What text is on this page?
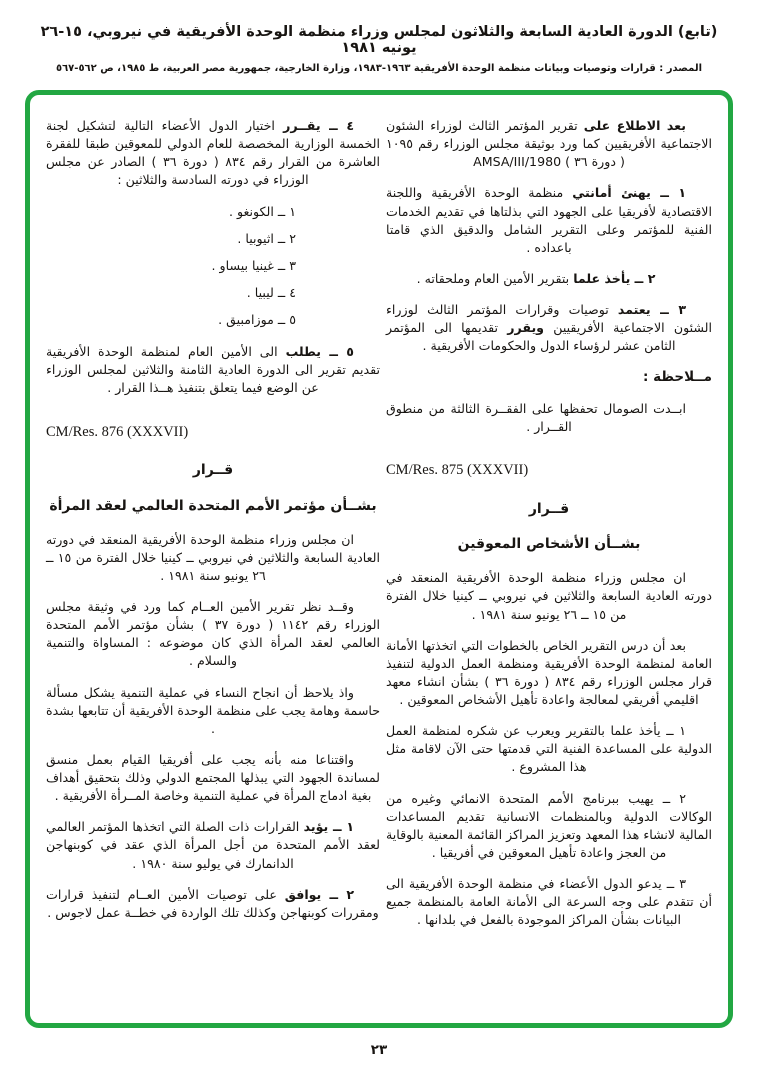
(تابع) الدورة العادية السابعة والثلاثون لمجلس وزراء منظمة الوحدة الأفريقية في نيروبي، ١٥-٢٦ يونيه ١٩٨١
المصدر : قرارات وتوصيات وبيانات منظمة الوحدة الأفريقية ١٩٦٣-١٩٨٣، وزارة الخارجية، جمهورية مصر العربية، ط ١٩٨٥، ص ٥٦٢-٥٦٧

بعد الاطلاع على تقرير المؤتمر الثالث لوزراء الشئون الاجتماعية الأفريقيين كما ورد بوثيقة مجلس الوزراء رقم ١٠٩٥ ( دورة ٣٦ ) AMSA/III/1980

١ ــ يهنئ أمانتي منظمة الوحدة الأفريقية واللجنة الاقتصادية لأفريقيا على الجهود التي بذلتاها في تقديم الخدمات الفنية للمؤتمر وعلى التقرير الشامل والدقيق الذي قامتا باعداده .

٢ ــ يأخذ علما بتقرير الأمين العام وملحقاته .

٣ ــ يعتمد توصيات وقرارات المؤتمر الثالث لوزراء الشئون الاجتماعية الأفريقيين ويقرر تقديمها الى المؤتمر الثامن عشر لرؤساء الدول والحكومات الأفريقية .

مــلاحظة :

ابــدت الصومال تحفظها على الفقــرة الثالثة من منطوق القــرار .

CM/Res. 875 (XXXVII)
قــرار
بشــأن الأشخاص المعوقين

ان مجلس وزراء منظمة الوحدة الأفريقية المنعقد في دورته العادية السابعة والثلاثين في نيروبي ــ كينيا خلال الفترة من ١٥ ــ ٢٦ يونيو سنة ١٩٨١ .

بعد أن درس التقرير الخاص بالخطوات التي اتخذتها الأمانة العامة لمنظمة الوحدة الأفريقية ومنظمة العمل الدولية لتنفيذ قرار مجلس الوزراء رقم ٨٣٤ ( دورة ٣٦ ) بشأن انشاء معهد اقليمي أفريقي لمعالجة واعادة تأهيل الأشخاص المعوقين .

١ ــ يأخذ علما بالتقرير ويعرب عن شكره لمنظمة العمل الدولية على المساعدة الفنية التي قدمتها حتى الآن لاقامة مثل هذا المشروع .

٢ ــ يهيب ببرنامج الأمم المتحدة الانمائي وغيره من الوكالات الدولية وبالمنظمات الانسانية تقديم المساعدات المالية لانشاء هذا المعهد وتعزيز المراكز القائمة المعنية بالوقاية من العجز واعادة تأهيل المعوقين في أفريقيا .

٣ ــ يدعو الدول الأعضاء في منظمة الوحدة الأفريقية الى أن تتقدم على وجه السرعة الى الأمانة العامة بالمنظمة جميع البيانات بشأن المراكز الموجودة بالفعل في بلدانها .

٤ ــ يقــرر اختيار الدول الأعضاء التالية لتشكيل لجنة الخمسة الوزارية المخصصة للعام الدولي للمعوقين طبقا للفقرة العاشرة من القرار رقم ٨٣٤ ( دورة ٣٦ ) الصادر عن مجلس الوزراء في دورته السادسة والثلاثين :

١ ــ الكونغو .
٢ ــ اثيوبيا .
٣ ــ غينيا بيساو .
٤ ــ ليبيا .
٥ ــ موزامبيق .

٥ ــ يطلب الى الأمين العام لمنظمة الوحدة الأفريقية تقديم تقرير الى الدورة العادية الثامنة والثلاثين لمجلس الوزراء عن الوضع فيما يتعلق بتنفيذ هــذا القرار .

CM/Res. 876 (XXXVII)
قــرار
بشــأن مؤتمر الأمم المتحدة العالمي لعقد المرأة

ان مجلس وزراء منظمة الوحدة الأفريقية المنعقد في دورته العادية السابعة والثلاثين في نيروبي ــ كينيا خلال الفترة من ١٥ ــ ٢٦ يونيو سنة ١٩٨١ .

وقــد نظر تقرير الأمين العــام كما ورد في وثيقة مجلس الوزراء رقم ١١٤٢ ( دورة ٣٧ ) بشأن مؤتمر الأمم المتحدة العالمي لعقد المرأة الذي كان موضوعه : المساواة والتنمية والسلام .

واذ يلاحظ أن انجاح النساء في عملية التنمية يشكل مسألة حاسمة وهامة يجب على منظمة الوحدة الأفريقية أن تتابعها بشدة .

واقتناعا منه بأنه يجب على أفريقيا القيام بعمل منسق لمساندة الجهود التي يبذلها المجتمع الدولي وذلك بتحقيق أهداف بغية ادماج المرأة في عملية التنمية وخاصة المــرأة الأفريقية .

١ ــ يؤيد القرارات ذات الصلة التي اتخذها المؤتمر العالمي لعقد الأمم المتحدة من أجل المرأة الذي عقد في كوبنهاجن الدانمارك في يوليو سنة ١٩٨٠ .

٢ ــ يوافق على توصيات الأمين العــام لتنفيذ قرارات ومقررات كوبنهاجن وكذلك تلك الواردة في خطــة عمل لاجوس .

٢٣
